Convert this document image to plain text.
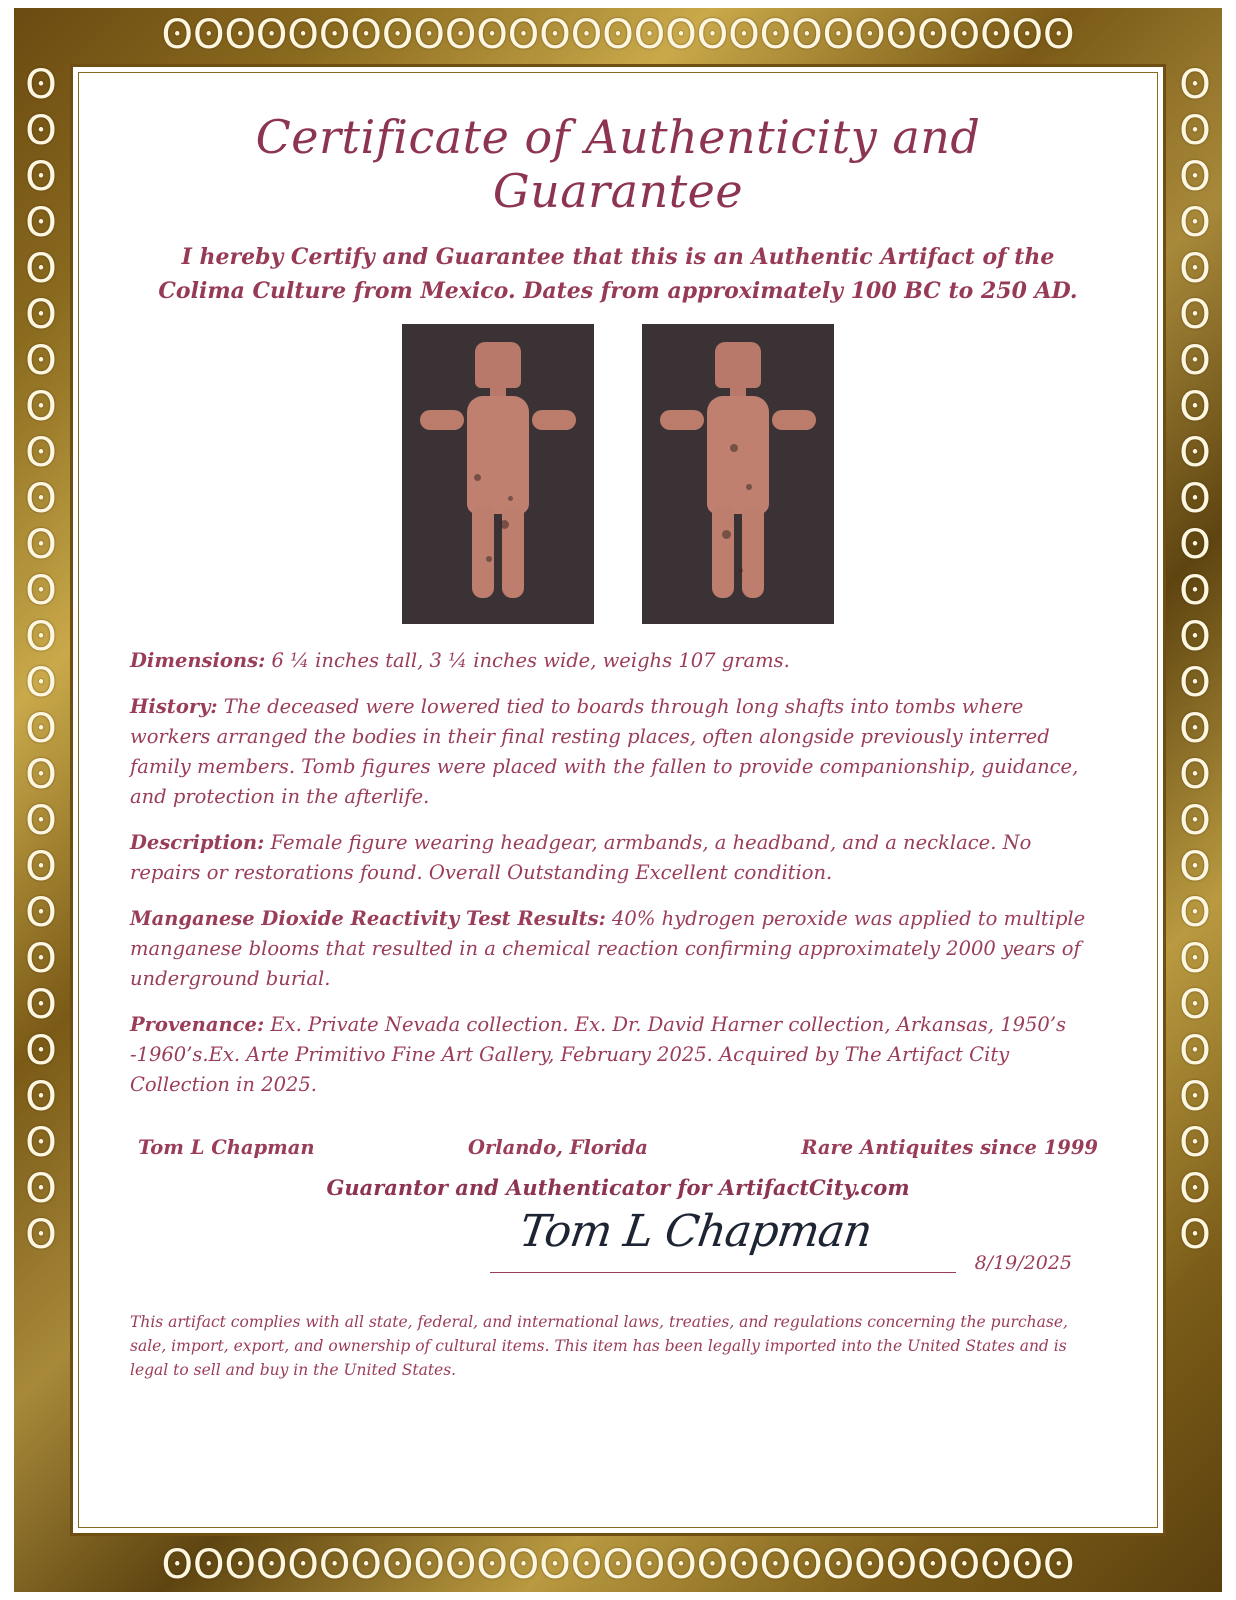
ʘʘʘʘʘʘʘʘʘʘʘʘʘʘʘʘʘʘʘʘʘʘʘʘʘʘʘʘʘ
ʘʘʘʘʘʘʘʘʘʘʘʘʘʘʘʘʘʘʘʘʘʘʘʘʘʘʘʘʘ
ʘʘʘʘʘʘʘʘʘʘʘʘʘʘʘʘʘʘʘʘʘʘʘʘʘʘ	ʘʘʘʘʘʘʘʘʘʘʘʘʘʘʘʘʘʘʘʘʘʘʘʘʘʘ
Certificate of Authenticity and Guarantee

I hereby Certify and Guarantee that this is an Authentic Artifact of the Colima Culture from Mexico. Dates from approximately 100 BC to 250 AD.

Dimensions: 6 ¼ inches tall, 3 ¼ inches wide, weighs 107 grams.

History: The deceased were lowered tied to boards through long shafts into tombs where workers arranged the bodies in their final resting places, often alongside previously interred family members. Tomb figures were placed with the fallen to provide companionship, guidance, and protection in the afterlife.

Description: Female figure wearing headgear, armbands, a headband, and a necklace. No repairs or restorations found. Overall Outstanding Excellent condition.

Manganese Dioxide Reactivity Test Results: 40% hydrogen peroxide was applied to multiple manganese blooms that resulted in a chemical reaction confirming approximately 2000 years of underground burial.

Provenance: Ex. Private Nevada collection. Ex. Dr. David Harner collection, Arkansas, 1950’s -1960’s.Ex. Arte Primitivo Fine Art Gallery, February 2025. Acquired by The Artifact City Collection in 2025.

Tom L Chapman	Orlando, Florida	Rare Antiquites since 1999
Guarantor and Authenticator for ArtifactCity.com
Tom L Chapman
8/19/2025

This artifact complies with all state, federal, and international laws, treaties, and regulations concerning the purchase, sale, import, export, and ownership of cultural items. This item has been legally imported into the United States and is legal to sell and buy in the United States.
